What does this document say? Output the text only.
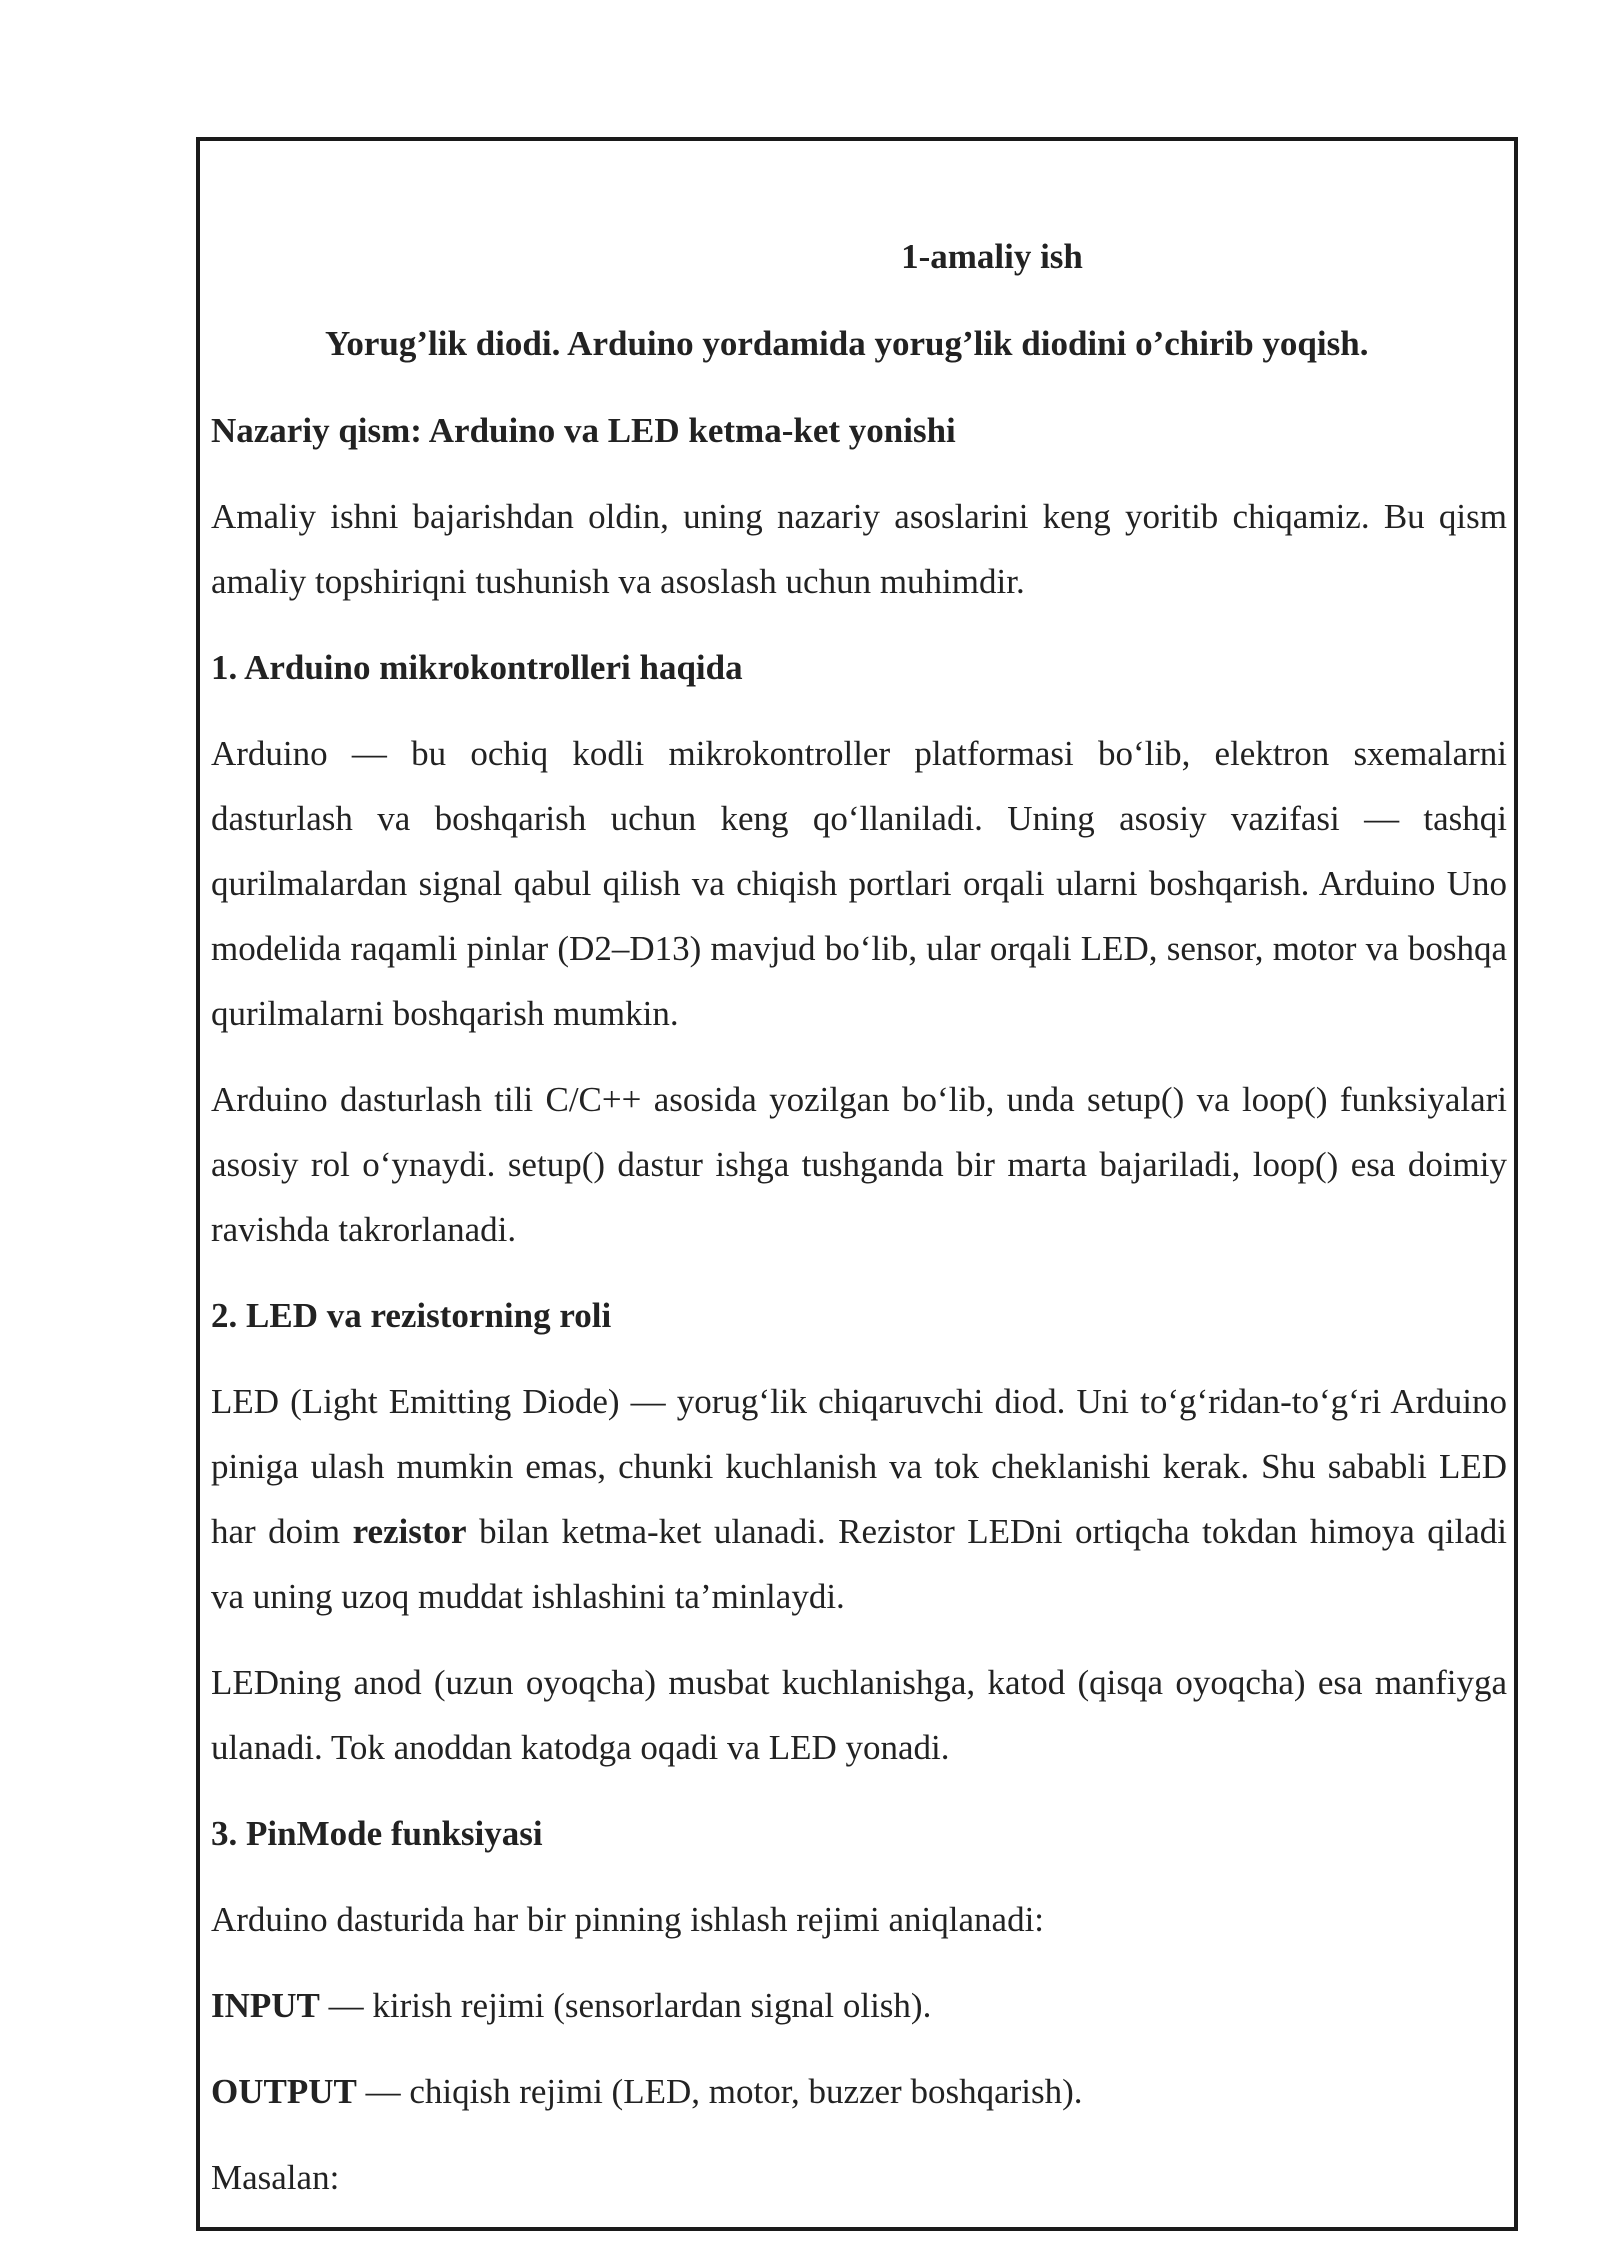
1-amaliy ish

Yorug’lik diodi. Arduino yordamida yorug’lik diodini o’chirib yoqish.

Nazariy qism: Arduino va LED ketma-ket yonishi

Amaliy ishni bajarishdan oldin, uning nazariy asoslarini keng yoritib chiqamiz. Bu qism amaliy topshiriqni tushunish va asoslash uchun muhimdir.

1. Arduino mikrokontrolleri haqida

Arduino — bu ochiq kodli mikrokontroller platformasi bo‘lib, elektron sxemalarni dasturlash va boshqarish uchun keng qo‘llaniladi. Uning asosiy vazifasi — tashqi qurilmalardan signal qabul qilish va chiqish portlari orqali ularni boshqarish. Arduino Uno modelida raqamli pinlar (D2–D13) mavjud bo‘lib, ular orqali LED, sensor, motor va boshqa qurilmalarni boshqarish mumkin.

Arduino dasturlash tili C/C++ asosida yozilgan bo‘lib, unda setup() va loop() funksiyalari asosiy rol o‘ynaydi. setup() dastur ishga tushganda bir marta bajariladi, loop() esa doimiy ravishda takrorlanadi.

2. LED va rezistorning roli

LED (Light Emitting Diode) — yorug‘lik chiqaruvchi diod. Uni to‘g‘ridan-to‘g‘ri Arduino piniga ulash mumkin emas, chunki kuchlanish va tok cheklanishi kerak. Shu sababli LED har doim rezistor bilan ketma-ket ulanadi. Rezistor LEDni ortiqcha tokdan himoya qiladi va uning uzoq muddat ishlashini ta’minlaydi.

LEDning anod (uzun oyoqcha) musbat kuchlanishga, katod (qisqa oyoqcha) esa manfiyga ulanadi. Tok anoddan katodga oqadi va LED yonadi.

3. PinMode funksiyasi

Arduino dasturida har bir pinning ishlash rejimi aniqlanadi:

INPUT — kirish rejimi (sensorlardan signal olish).

OUTPUT — chiqish rejimi (LED, motor, buzzer boshqarish).

Masalan:
